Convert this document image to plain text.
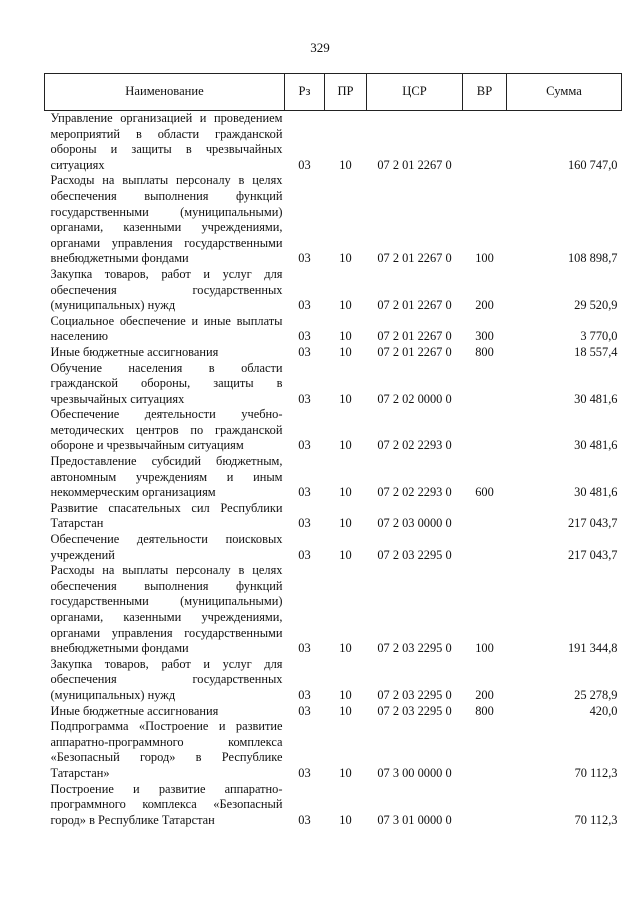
329
Наименование	Рз	ПР	ЦСР	ВР	Сумма
Управление организацией и проведением мероприятий в области гражданской обороны и защиты в чрезвычайных ситуациях	03	10	07 2 01 2267 0		160 747,0
Расходы на выплаты персоналу в целях обеспечения выполнения функций государственными (муниципальными) органами, казенными учреждениями, органами управления государственными внебюджетными фондами	03	10	07 2 01 2267 0	100	108 898,7
Закупка товаров, работ и услуг для обеспечения государственных (муниципальных) нужд	03	10	07 2 01 2267 0	200	29 520,9
Социальное обеспечение и иные выплаты населению	03	10	07 2 01 2267 0	300	3 770,0
Иные бюджетные ассигнования	03	10	07 2 01 2267 0	800	18 557,4
Обучение населения в области гражданской обороны, защиты в чрезвычайных ситуациях	03	10	07 2 02 0000 0		30 481,6
Обеспечение деятельности учебно-методических центров по гражданской обороне и чрезвычайным ситуациям	03	10	07 2 02 2293 0		30 481,6
Предоставление субсидий бюджетным, автономным учреждениям и иным некоммерческим организациям	03	10	07 2 02 2293 0	600	30 481,6
Развитие спасательных сил Республики Татарстан	03	10	07 2 03 0000 0		217 043,7
Обеспечение деятельности поисковых учреждений	03	10	07 2 03 2295 0		217 043,7
Расходы на выплаты персоналу в целях обеспечения выполнения функций государственными (муниципальными) органами, казенными учреждениями, органами управления государственными внебюджетными фондами	03	10	07 2 03 2295 0	100	191 344,8
Закупка товаров, работ и услуг для обеспечения государственных (муниципальных) нужд	03	10	07 2 03 2295 0	200	25 278,9
Иные бюджетные ассигнования	03	10	07 2 03 2295 0	800	420,0
Подпрограмма «Построение и развитие аппаратно-программного комплекса «Безопасный город» в Республике Татарстан»	03	10	07 3 00 0000 0		70 112,3
Построение и развитие аппаратно-программного комплекса «Безопасный город» в Республике Татарстан	03	10	07 3 01 0000 0		70 112,3
